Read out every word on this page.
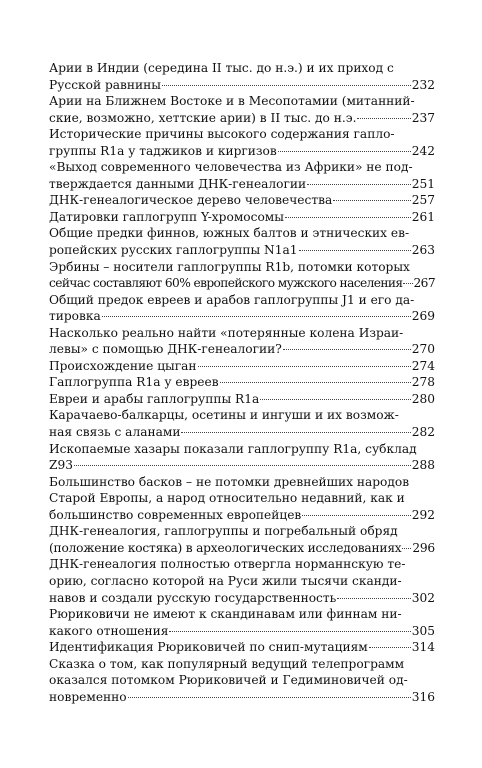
Арии в Индии (середина II тыс. до н.э.) и их приход с
Русской равнины	232
Арии на Ближнем Востоке и в Месопотамии (митанний-
ские, возможно, хеттские арии) в II тыс. до н.э.	237
Исторические причины высокого содержания гапло-
группы R1a у таджиков и киргизов	242
«Выход современного человечества из Африки» не под-
тверждается данными ДНК-генеалогии	251
ДНК-генеалогическое дерево человечества	257
Датировки гаплогрупп Y-хромосомы	261
Общие предки финнов, южных балтов и этнических ев-
ропейских русских гаплогруппы N1a1	263
Эрбины – носители гаплогруппы R1b, потомки которых
сейчас составляют 60% европейского мужского населения 267
Общий предок евреев и арабов гаплогруппы J1 и его да-
тировка	269
Насколько реально найти «потерянные колена Израи-
левы» с помощью ДНК-генеалогии?	270
Происхождение цыган	274
Гаплогруппа R1a у евреев	278
Евреи и арабы гаплогруппы R1a	280
Карачаево-балкарцы, осетины и ингуши и их возмож-
ная связь с аланами	282
Ископаемые хазары показали гаплогруппу R1a, субклад
Z93	288
Большинство басков – не потомки древнейших народов
Старой Европы, а народ относительно недавний, как и
большинство современных европейцев	292
ДНК-генеалогия, гаплогруппы и погребальный обряд
(положение костяка) в археологических исследованиях 296
ДНК-генеалогия полностью отвергла норманнскую те-
орию, согласно которой на Руси жили тысячи сканди-
навов и создали русскую государственность	302
Рюриковичи не имеют к скандинавам или финнам ни-
какого отношения	305
Идентификация Рюриковичей по снип-мутациям	314
Сказка о том, как популярный ведущий телепрограмм
оказался потомком Рюриковичей и Гедиминовичей од-
новременно	316
